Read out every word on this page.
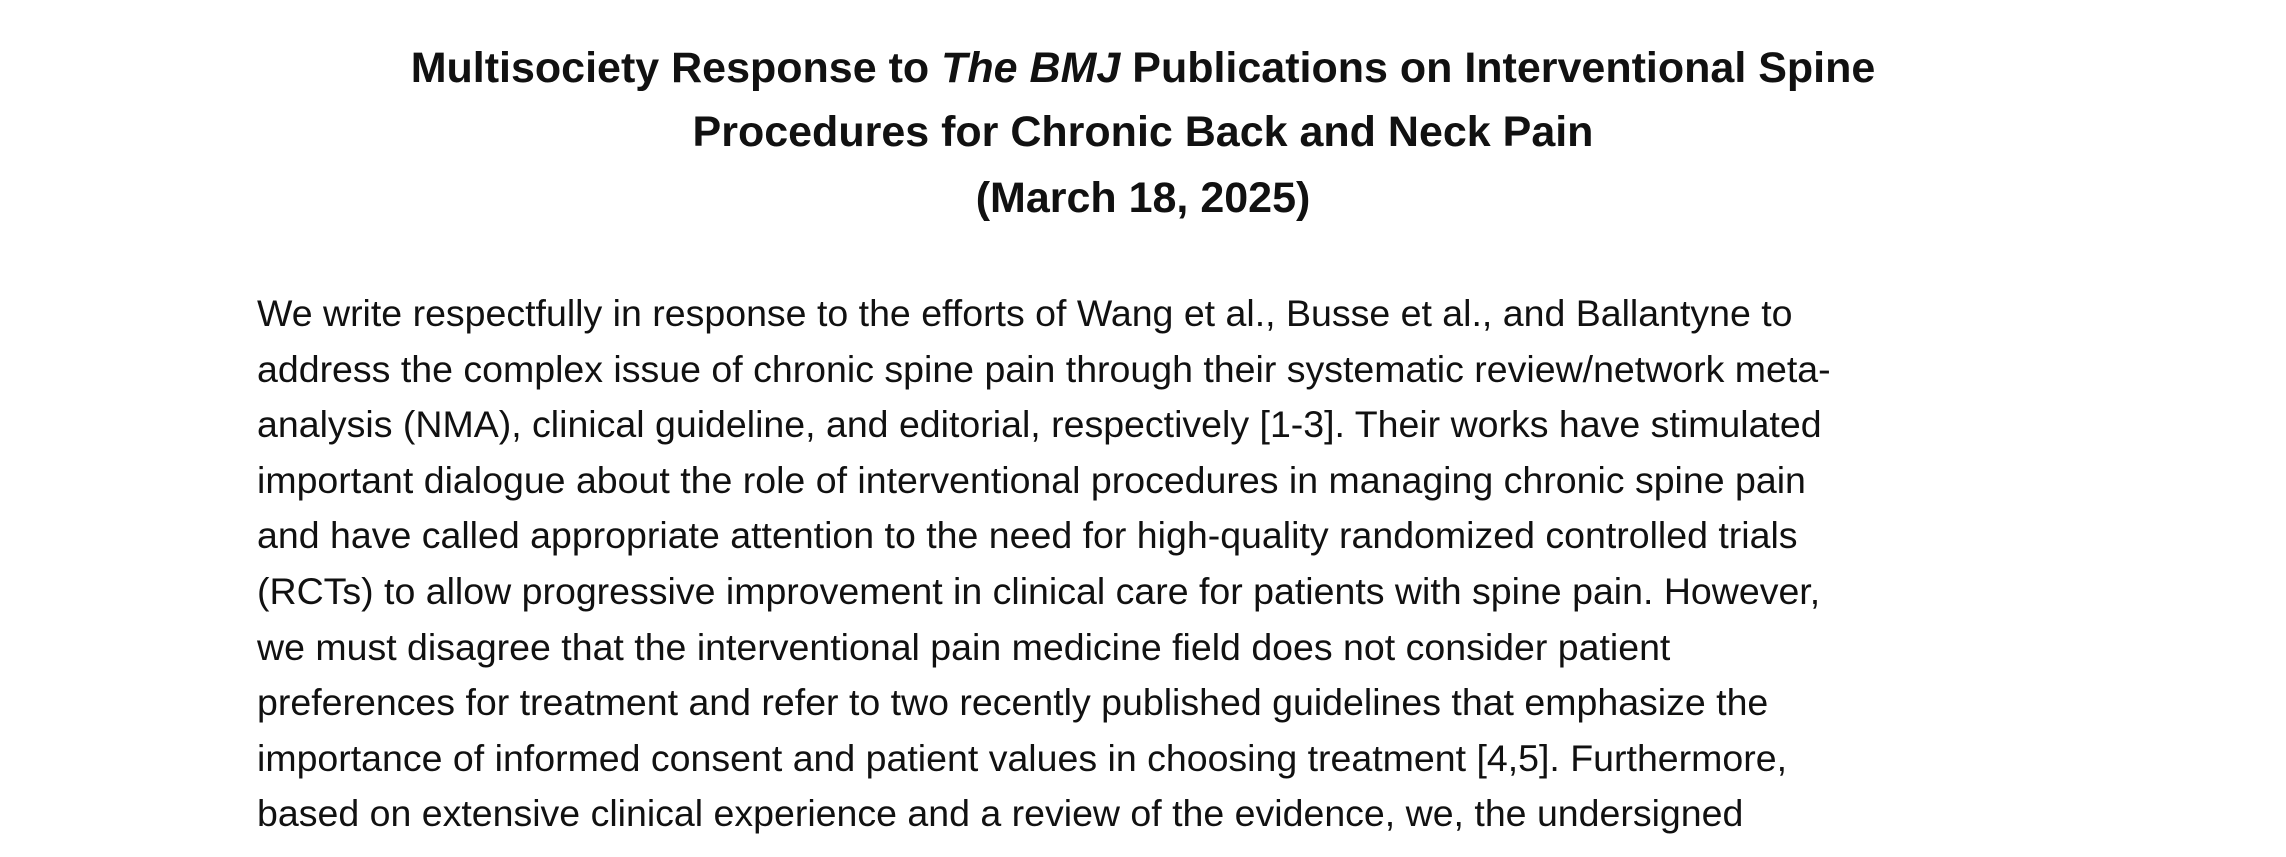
Multisociety Response to The BMJ Publications on Interventional Spine
Procedures for Chronic Back and Neck Pain
(March 18, 2025)
We write respectfully in response to the efforts of Wang et al., Busse et al., and Ballantyne to
address the complex issue of chronic spine pain through their systematic review/network meta-
analysis (NMA), clinical guideline, and editorial, respectively [1-3]. Their works have stimulated
important dialogue about the role of interventional procedures in managing chronic spine pain
and have called appropriate attention to the need for high-quality randomized controlled trials
(RCTs) to allow progressive improvement in clinical care for patients with spine pain. However,
we must disagree that the interventional pain medicine field does not consider patient
preferences for treatment and refer to two recently published guidelines that emphasize the
importance of informed consent and patient values in choosing treatment [4,5]. Furthermore,
based on extensive clinical experience and a review of the evidence, we, the undersigned
